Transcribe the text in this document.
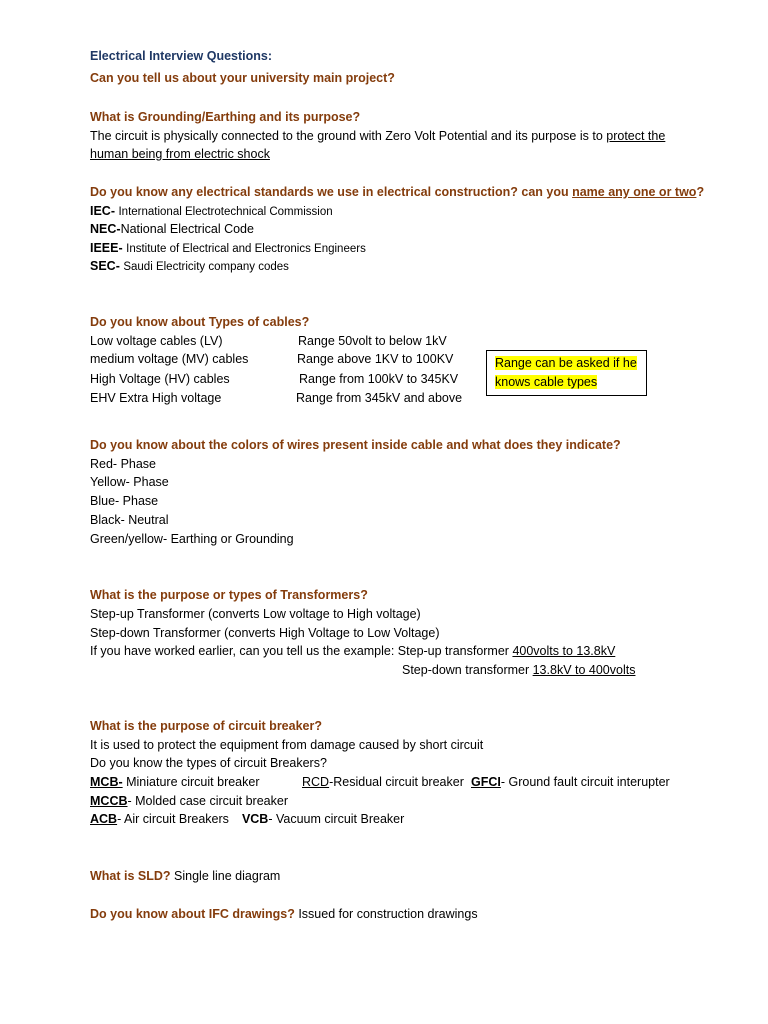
Electrical Interview Questions:
Can you tell us about your university main project?
What is Grounding/Earthing and its purpose?
The circuit is physically connected to the ground with Zero Volt Potential and its purpose is to protect the
human being from electric shock
Do you know any electrical standards we use in electrical construction? can you name any one or two?
IEC- International Electrotechnical Commission
NEC-National Electrical Code
IEEE- Institute of Electrical and Electronics Engineers
SEC- Saudi Electricity company codes
Do you know about Types of cables?
Low voltage cables (LV)	Range 50volt to below 1kV
medium voltage (MV) cables	Range above 1KV to 100KV
High Voltage (HV) cables	Range from 100kV to 345KV
EHV Extra High voltage	Range from 345kV and above
Range can be asked if he
knows cable types
Do you know about the colors of wires present inside cable and what does they indicate?
Red- Phase
Yellow- Phase
Blue- Phase
Black- Neutral
Green/yellow- Earthing or Grounding
What is the purpose or types of Transformers?
Step-up Transformer (converts Low voltage to High voltage)
Step-down Transformer (converts High Voltage to Low Voltage)
If you have worked earlier, can you tell us the example: Step-up transformer 400volts to 13.8kV
Step-down transformer 13.8kV to 400volts
What is the purpose of circuit breaker?
It is used to protect the equipment from damage caused by short circuit
Do you know the types of circuit Breakers?
MCB- Miniature circuit breaker	RCD-Residual circuit breaker GFCI- Ground fault circuit interupter
MCCB- Molded case circuit breaker
ACB- Air circuit Breakers VCB- Vacuum circuit Breaker
What is SLD? Single line diagram
Do you know about IFC drawings? Issued for construction drawings
